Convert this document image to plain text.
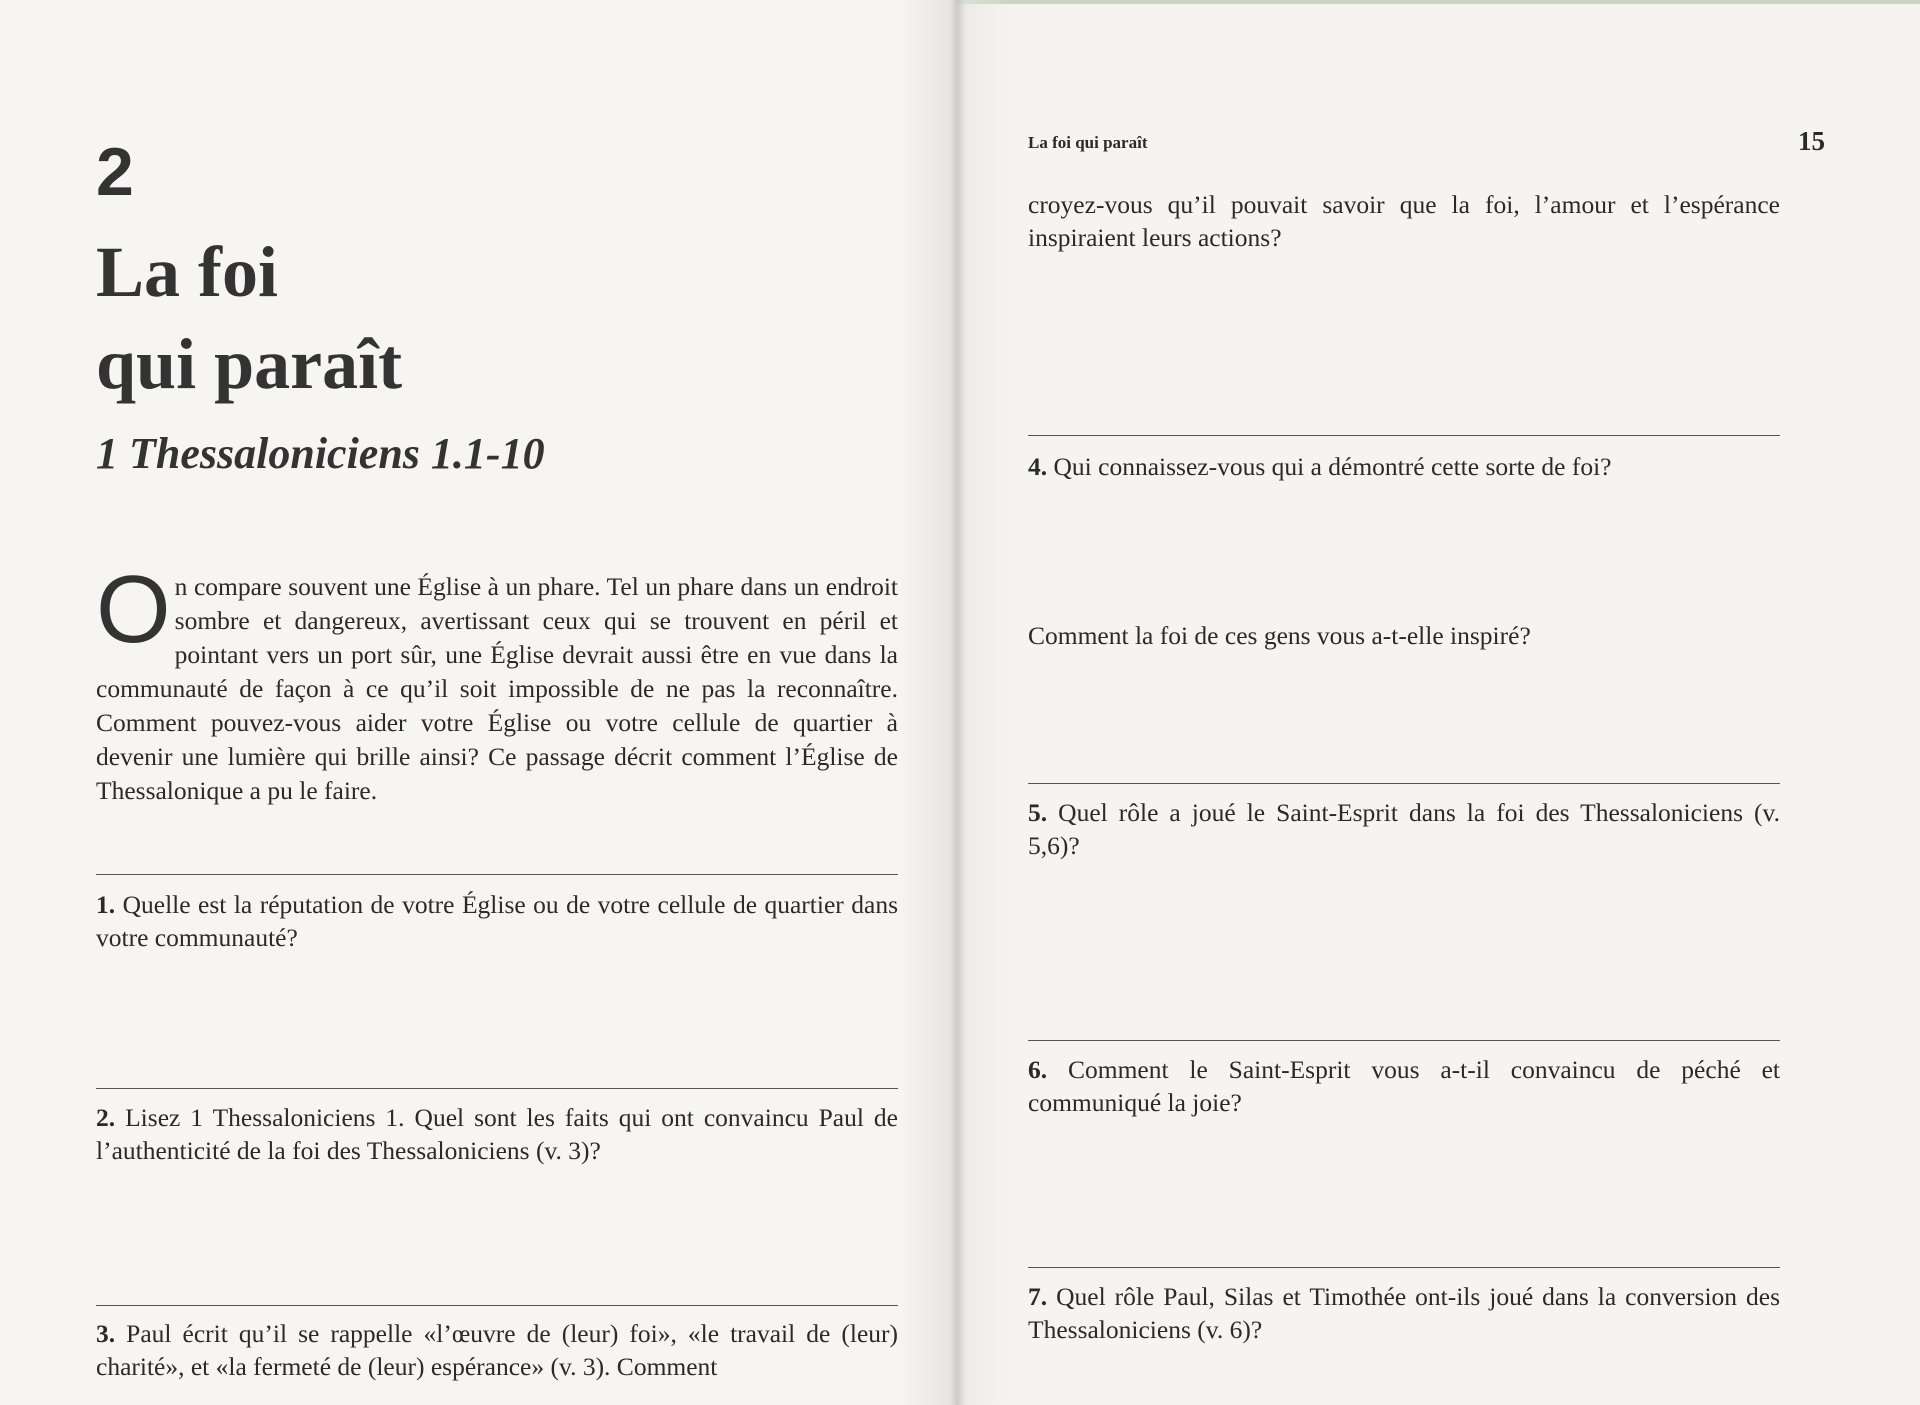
2
La foi
qui paraît
1 Thessaloniciens 1.1-10

On compare souvent une Église à un phare. Tel un phare dans un endroit sombre et dangereux, avertissant ceux qui se trouvent en péril et pointant vers un port sûr, une Église devrait aussi être en vue dans la communauté de façon à ce qu’il soit impossible de ne pas la reconnaître. Comment pouvez-vous aider votre Église ou votre cellule de quartier à devenir une lumière qui brille ainsi? Ce passage décrit comment l’Église de Thessalonique a pu le faire.

1. Quelle est la réputation de votre Église ou de votre cellule de quartier dans votre communauté?

2. Lisez 1 Thessaloniciens 1. Quel sont les faits qui ont convaincu Paul de l’authenticité de la foi des Thessaloniciens (v. 3)?

3. Paul écrit qu’il se rappelle «l’œuvre de (leur) foi», «le travail de (leur) charité», et «la fermeté de (leur) espérance» (v. 3). Comment

La foi qui paraît	15

croyez-vous qu’il pouvait savoir que la foi, l’amour et l’espérance inspiraient leurs actions?

4. Qui connaissez-vous qui a démontré cette sorte de foi?

Comment la foi de ces gens vous a-t-elle inspiré?

5. Quel rôle a joué le Saint-Esprit dans la foi des Thessaloniciens (v. 5,6)?

6. Comment le Saint-Esprit vous a-t-il convaincu de péché et communiqué la joie?

7. Quel rôle Paul, Silas et Timothée ont-ils joué dans la conversion des Thessaloniciens (v. 6)?
